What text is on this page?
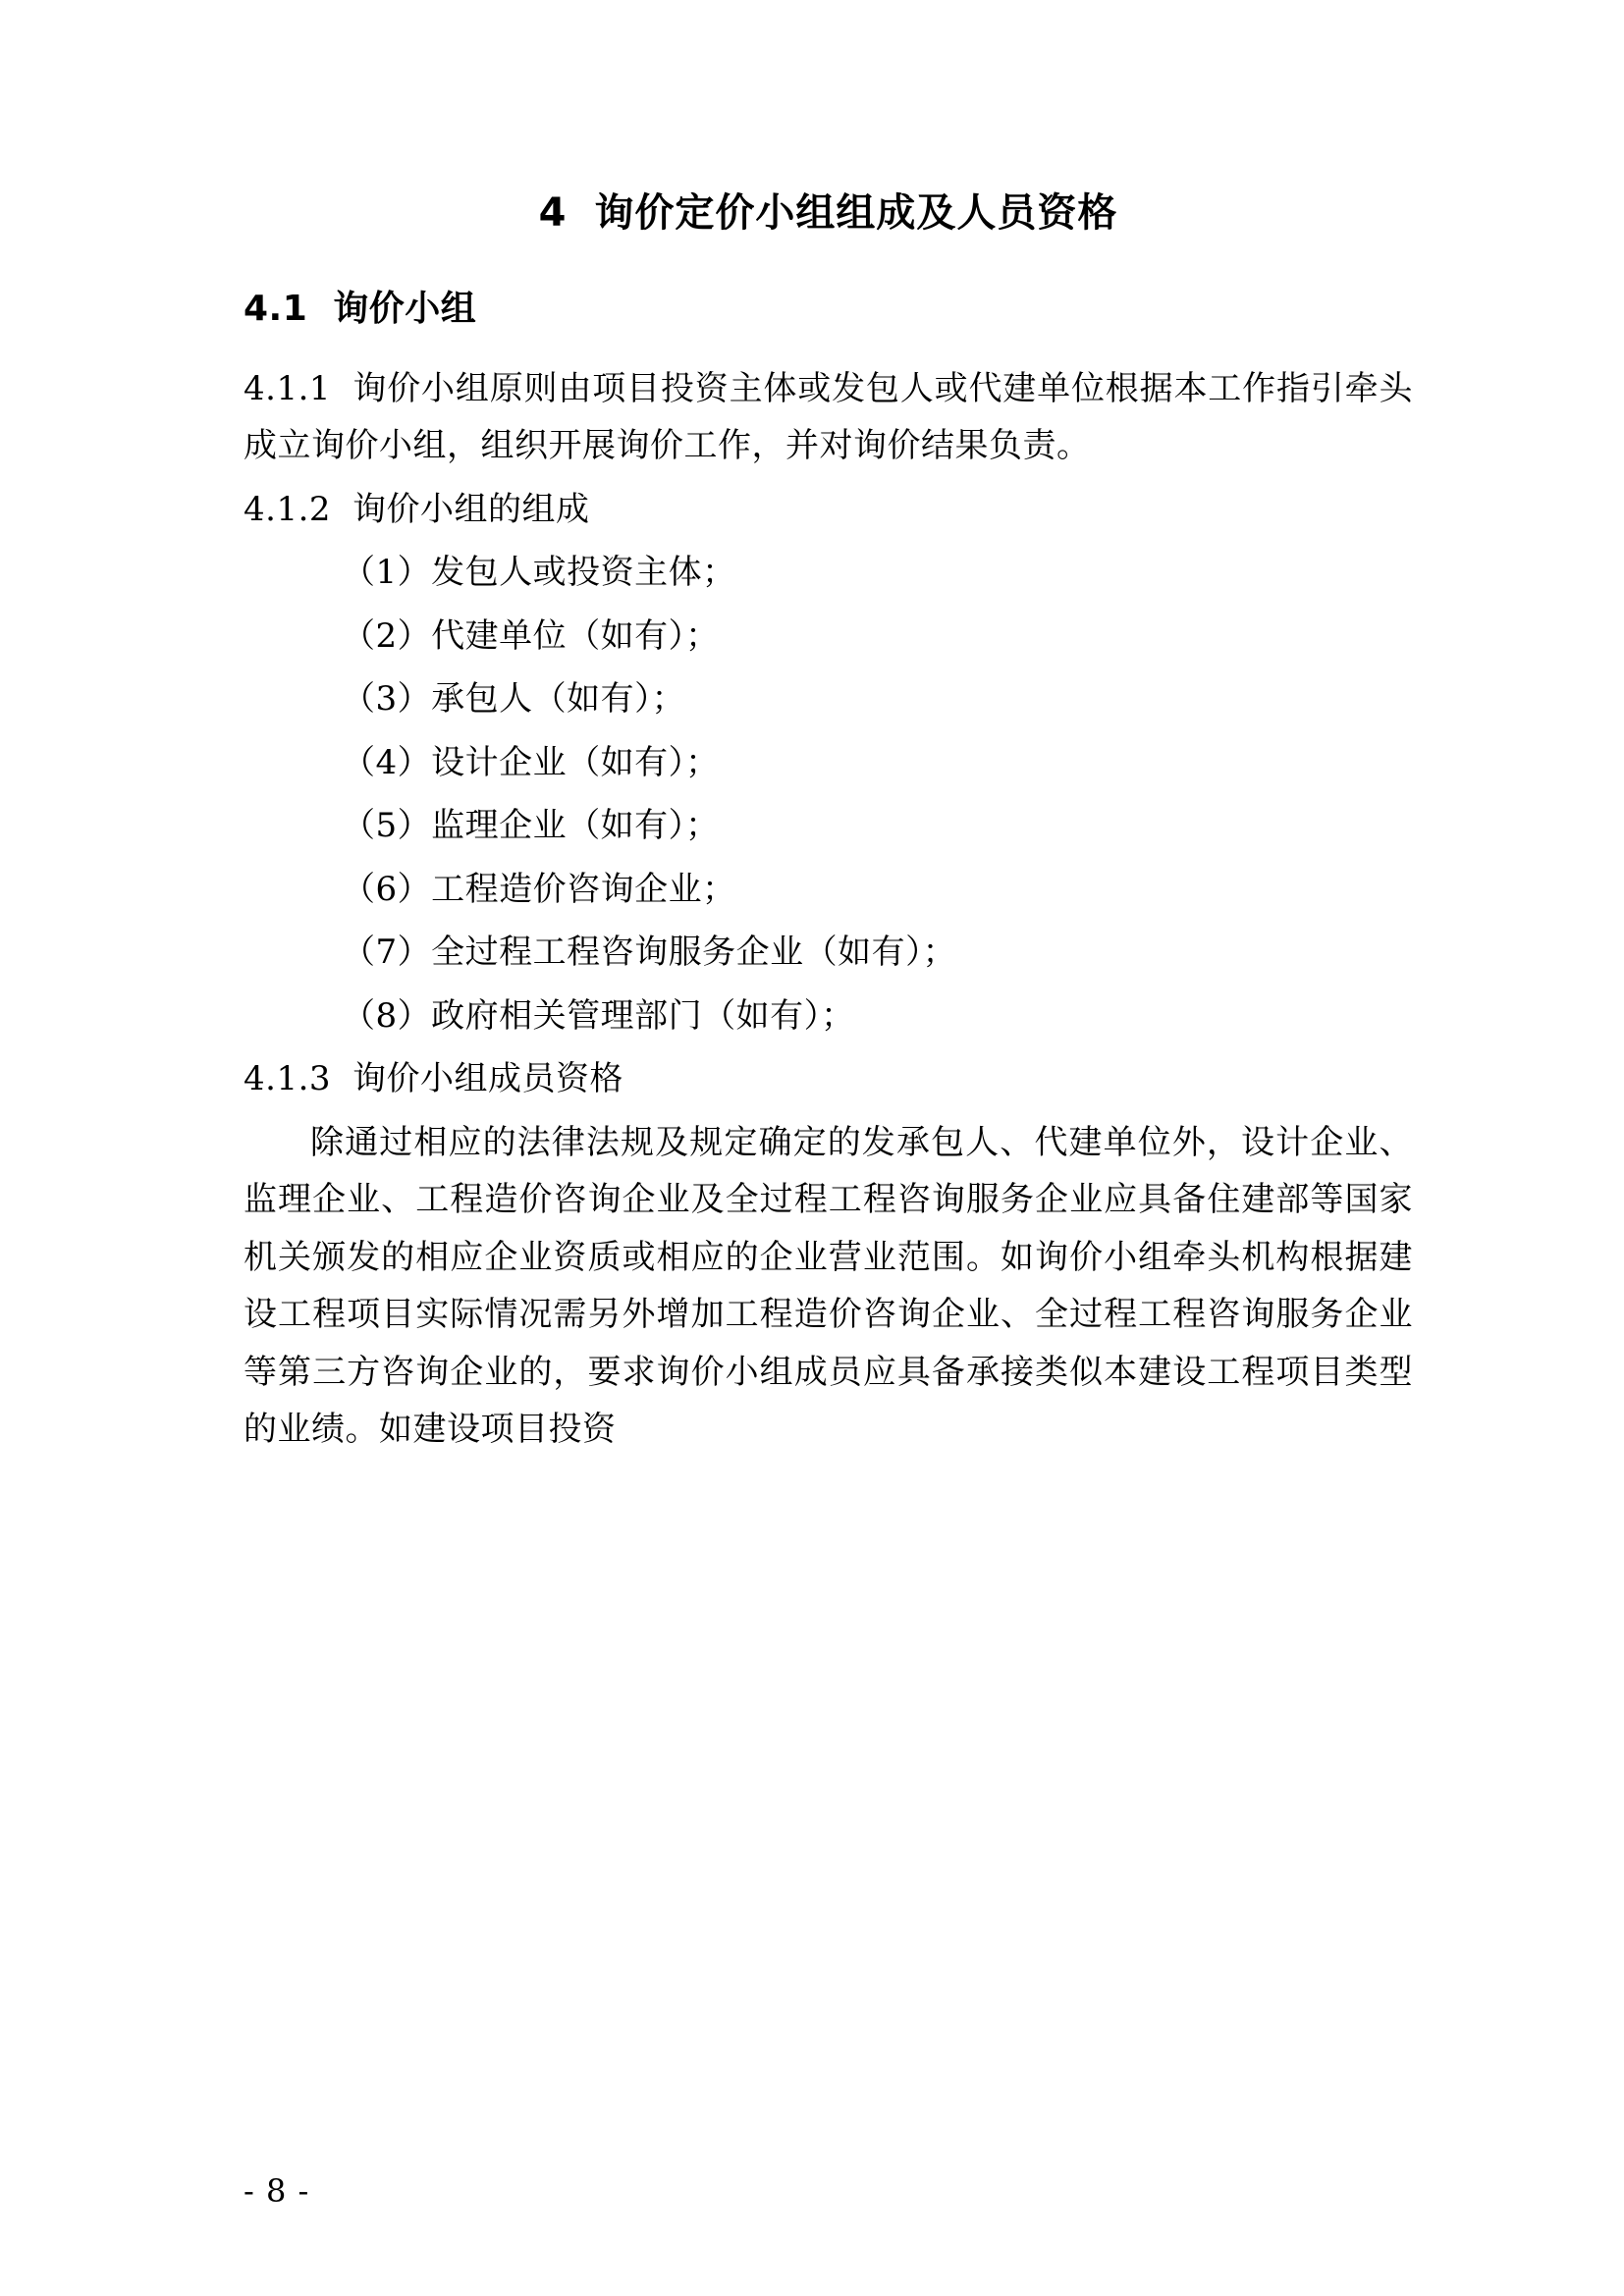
4 询价定价小组组成及人员资格
4.1 询价小组

4.1.1 询价小组原则由项目投资主体或发包人或代建单位根据本工作指引牵头成立询价小组，组织开展询价工作，并对询价结果负责。

4.1.2 询价小组的组成

（1）发包人或投资主体；
（2）代建单位（如有）；
（3）承包人（如有）；
（4）设计企业（如有）；
（5）监理企业（如有）；
（6）工程造价咨询企业；
（7）全过程工程咨询服务企业（如有）；
（8）政府相关管理部门（如有）；

4.1.3 询价小组成员资格

除通过相应的法律法规及规定确定的发承包人、代建单位外，设计企业、监理企业、工程造价咨询企业及全过程工程咨询服务企业应具备住建部等国家机关颁发的相应企业资质或相应的企业营业范围。如询价小组牵头机构根据建设工程项目实际情况需另外增加工程造价咨询企业、全过程工程咨询服务企业等第三方咨询企业的，要求询价小组成员应具备承接类似本建设工程项目类型的业绩。如建设项目投资

- 8 -
